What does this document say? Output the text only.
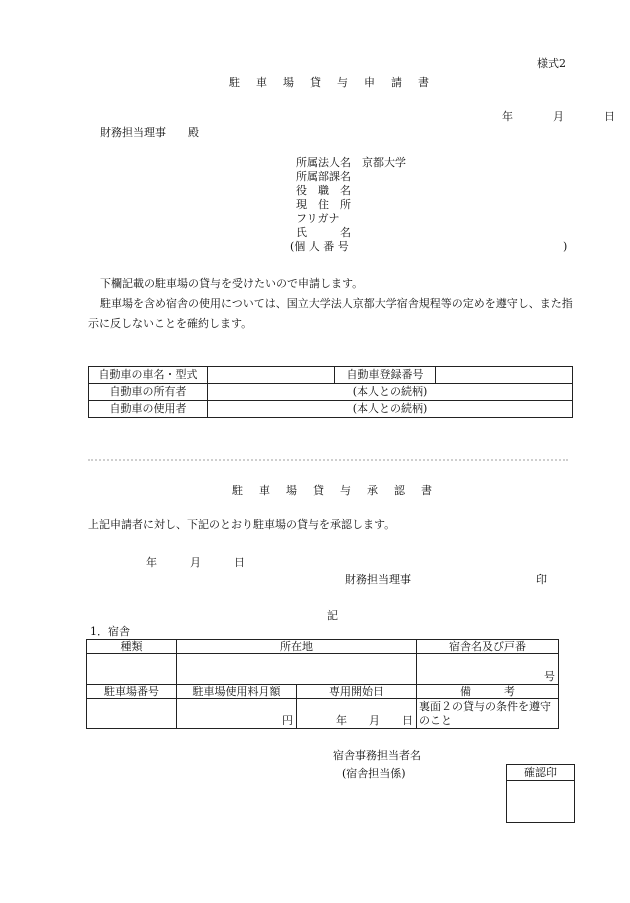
様式2
駐車場貸与申請書
年　　月　　日
財務担当理事　　殿
所属法人名 京都大学
所属部課名
役　職　名
現　住　所
フリガナ
氏　　　名
(個 人 番 号	)
下欄記載の駐車場の貸与を受けたいので申請します。
駐車場を含め宿舎の使用については、国立大学法人京都大学宿舎規程等の定めを遵守し、また指
示に反しないことを確約します。
自動車の車名・型式		自動車登録番号	
自動車の所有者	(本人との続柄)		
自動車の使用者	(本人との続柄)		
駐車場貸与承認書
上記申請者に対し、下記のとおり駐車場の貸与を承認します。
年　　　月　　　日
財務担当理事	印
記
1．宿舎
種類	所在地		宿舎名及び戸番

			号

駐車場番号	駐車場使用料月額	専用開始日	備　　　考

	円	年　　月　　日	裏面２の貸与の条件を遵守のこと
宿舎事務担当者名
(宿舎担当係)	確認印
